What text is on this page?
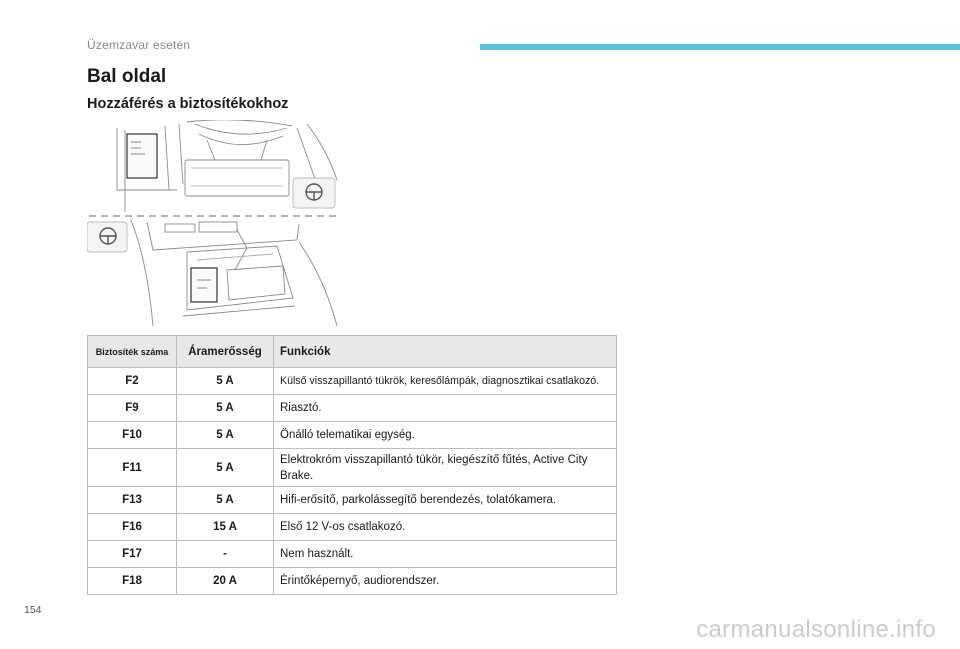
Üzemzavar esetén
Bal oldal
Hozzáférés a biztosítékokhoz
Biztosíték száma	Áramerősség	Funkciók
F2	5 A	Külső visszapillantó tükrök, keresőlámpák, diagnosztikai csatlakozó.
F9	5 A	Riasztó.
F10	5 A	Önálló telematikai egység.
F11	5 A	Elektrokróm visszapillantó tükör, kiegészítő fűtés, Active City Brake.
F13	5 A	Hifi-erősítő, parkolássegítő berendezés, tolatókamera.
F16	15 A	Első 12 V-os csatlakozó.
F17	-	Nem használt.
F18	20 A	Érintőképernyő, audiorendszer.
154
carmanualsonline.info
